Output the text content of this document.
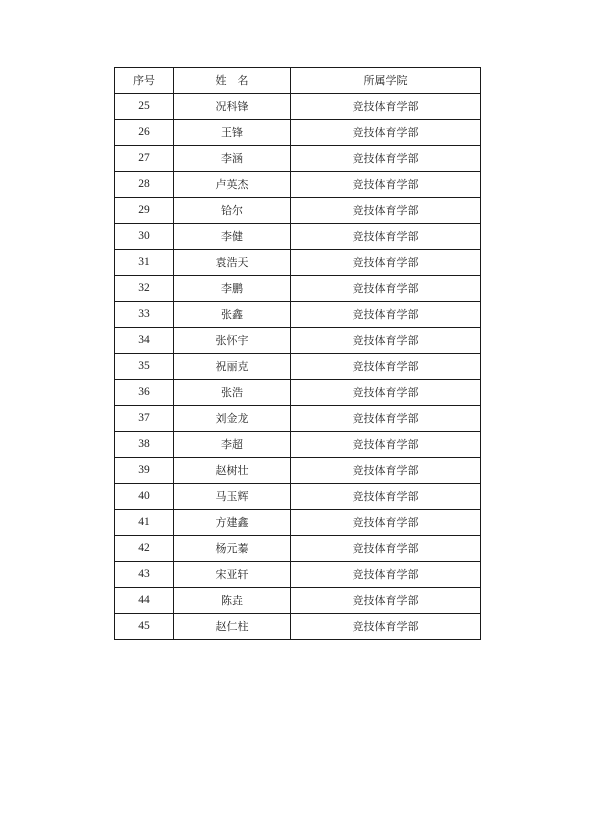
序号	姓　名	所属学院
25	况科锋	竞技体育学部
26	王锋	竞技体育学部
27	李涵	竞技体育学部
28	卢英杰	竞技体育学部
29	铪尔	竞技体育学部
30	李健	竞技体育学部
31	袁浩天	竞技体育学部
32	李鹏	竞技体育学部
33	张鑫	竞技体育学部
34	张怀宇	竞技体育学部
35	祝丽克	竞技体育学部
36	张浩	竞技体育学部
37	刘金龙	竞技体育学部
38	李超	竞技体育学部
39	赵树壮	竞技体育学部
40	马玉辉	竞技体育学部
41	方建鑫	竞技体育学部
42	杨元蓁	竞技体育学部
43	宋亚轩	竞技体育学部
44	陈垚	竞技体育学部
45	赵仁柱	竞技体育学部
